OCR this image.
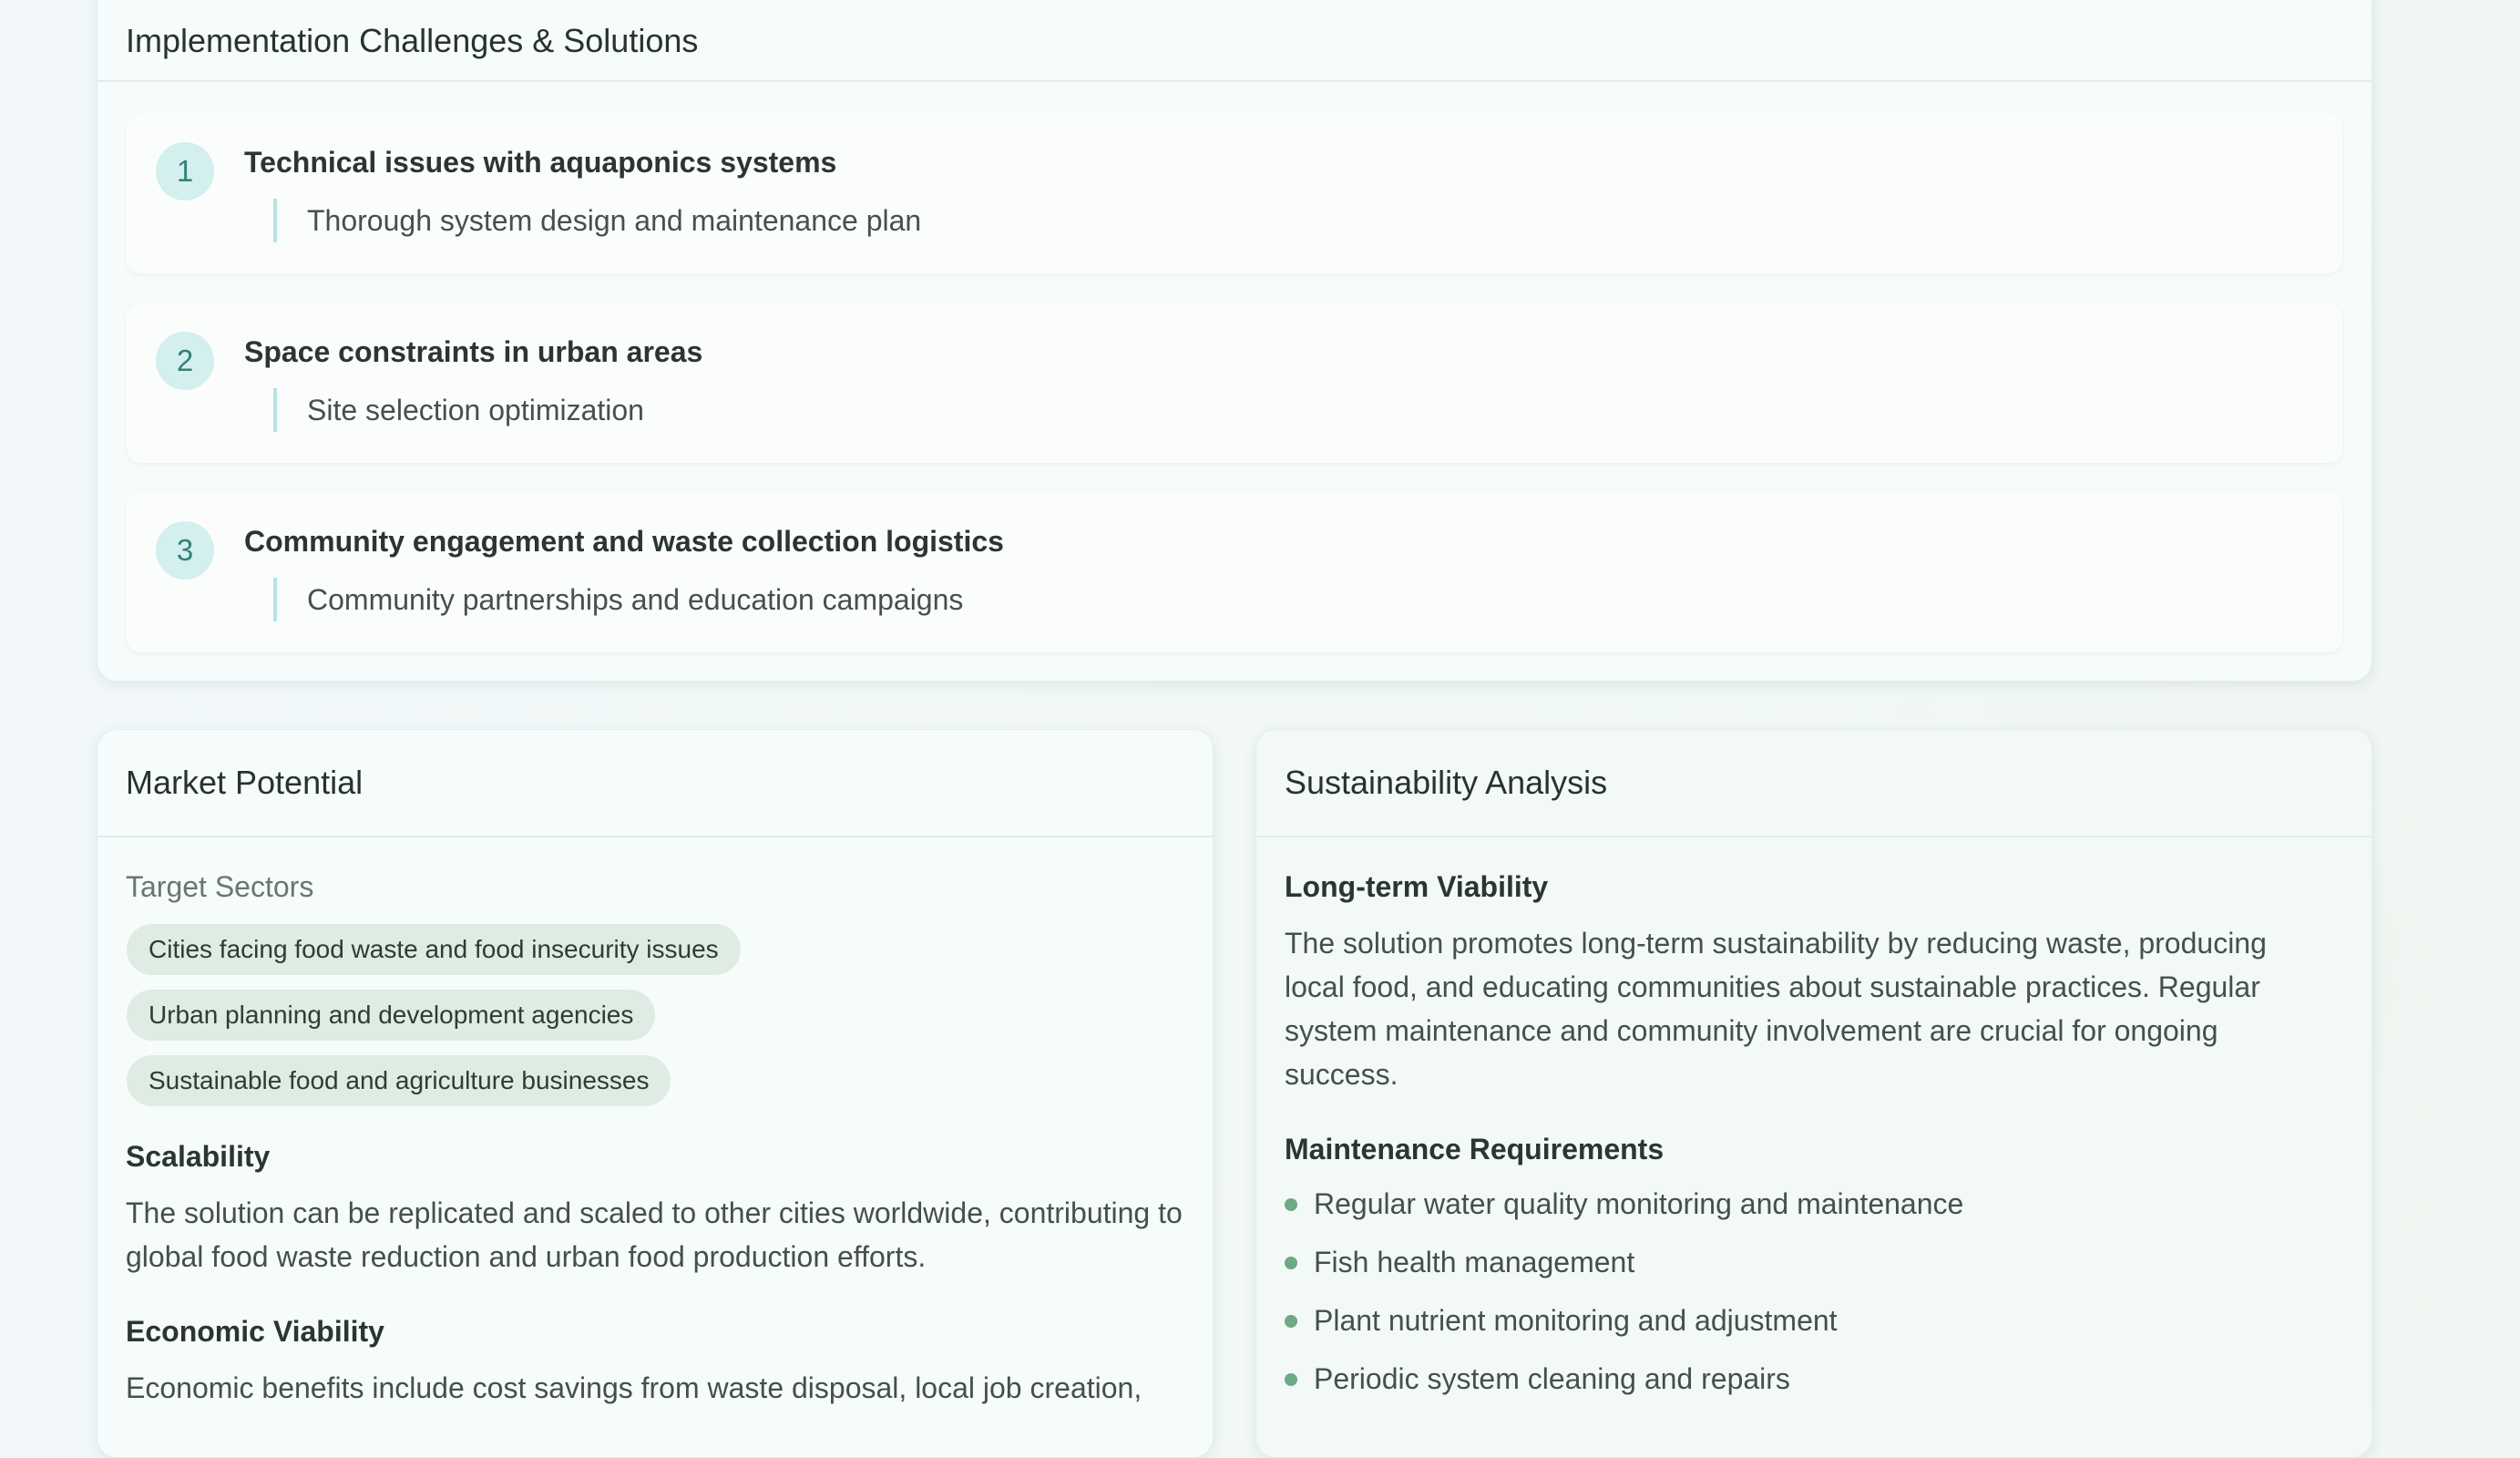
Implementation Challenges & Solutions
1	Technical issues with aquaponics systems
Thorough system design and maintenance plan
2	Space constraints in urban areas
Site selection optimization
3	Community engagement and waste collection logistics
Community partnerships and education campaigns
Market Potential
Target Sectors
Cities facing food waste and food insecurity issues
Urban planning and development agencies
Sustainable food and agriculture businesses
Scalability
The solution can be replicated and scaled to other cities worldwide, contributing to global food waste reduction and urban food production efforts.
Economic Viability
Economic benefits include cost savings from waste disposal, local job creation,
Sustainability Analysis
Long-term Viability
The solution promotes long-term sustainability by reducing waste, producing local food, and educating communities about sustainable practices. Regular system maintenance and community involvement are crucial for ongoing success.
Maintenance Requirements
Regular water quality monitoring and maintenance
Fish health management
Plant nutrient monitoring and adjustment
Periodic system cleaning and repairs
